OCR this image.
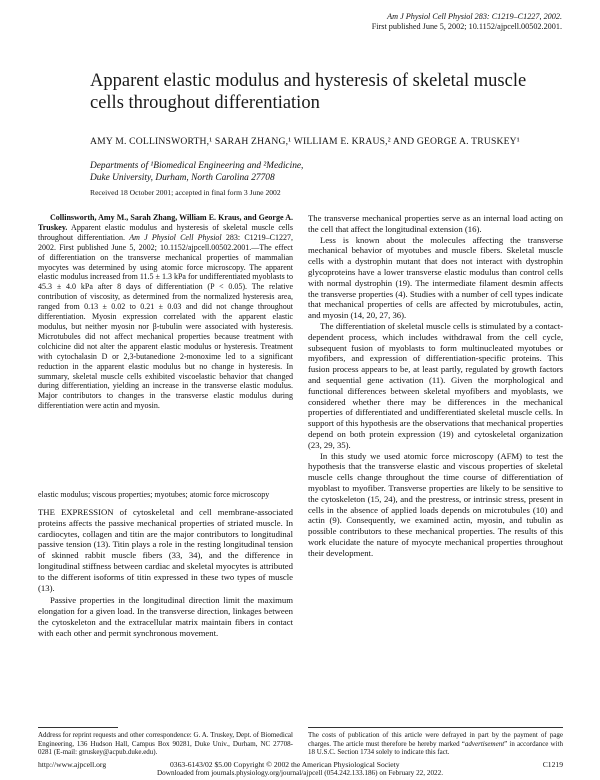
Am J Physiol Cell Physiol 283: C1219–C1227, 2002.
First published June 5, 2002; 10.1152/ajpcell.00502.2001.
Apparent elastic modulus and hysteresis of skeletal muscle cells throughout differentiation
AMY M. COLLINSWORTH,¹ SARAH ZHANG,¹ WILLIAM E. KRAUS,² AND GEORGE A. TRUSKEY¹
Departments of ¹Biomedical Engineering and ²Medicine,
Duke University, Durham, North Carolina 27708
Received 18 October 2001; accepted in final form 3 June 2002

Collinsworth, Amy M., Sarah Zhang, William E. Kraus, and George A. Truskey. Apparent elastic modulus and hysteresis of skeletal muscle cells throughout differentiation. Am J Physiol Cell Physiol 283: C1219–C1227, 2002. First published June 5, 2002; 10.1152/ajpcell.00502.2001.—The effect of differentiation on the transverse mechanical properties of mammalian myocytes was determined by using atomic force microscopy. The apparent elastic modulus increased from 11.5 ± 1.3 kPa for undifferentiated myoblasts to 45.3 ± 4.0 kPa after 8 days of differentiation (P < 0.05). The relative contribution of viscosity, as determined from the normalized hysteresis area, ranged from 0.13 ± 0.02 to 0.21 ± 0.03 and did not change throughout differentiation. Myosin expression correlated with the apparent elastic modulus, but neither myosin nor β-tubulin were associated with hysteresis. Microtubules did not affect mechanical properties because treatment with colchicine did not alter the apparent elastic modulus or hysteresis. Treatment with cytochalasin D or 2,3-butanedione 2-monoxime led to a significant reduction in the apparent elastic modulus but no change in hysteresis. In summary, skeletal muscle cells exhibited viscoelastic behavior that changed during differentiation, yielding an increase in the transverse elastic modulus. Major contributors to changes in the transverse elastic modulus during differentiation were actin and myosin.

elastic modulus; viscous properties; myotubes; atomic force microscopy

THE EXPRESSION of cytoskeletal and cell membrane-associated proteins affects the passive mechanical properties of striated muscle. In cardiocytes, collagen and titin are the major contributors to longitudinal passive tension (13). Titin plays a role in the resting longitudinal tension of skinned rabbit muscle fibers (33, 34), and the difference in longitudinal stiffness between cardiac and skeletal myocytes is attributed to the different isoforms of titin expressed in these two types of muscle (13).

Passive properties in the longitudinal direction limit the maximum elongation for a given load. In the transverse direction, linkages between the cytoskeleton and the extracellular matrix maintain fibers in contact with each other and permit synchronous movement.

The transverse mechanical properties serve as an internal load acting on the cell that affect the longitudinal extension (16).

Less is known about the molecules affecting the transverse mechanical behavior of myotubes and muscle fibers. Skeletal muscle cells with a dystrophin mutant that does not interact with dystrophin glycoproteins have a lower transverse elastic modulus than control cells with normal dystrophin (19). The intermediate filament desmin affects the transverse properties (4). Studies with a number of cell types indicate that mechanical properties of cells are affected by microtubules, actin, and myosin (14, 20, 27, 36).

The differentiation of skeletal muscle cells is stimulated by a contact-dependent process, which includes withdrawal from the cell cycle, subsequent fusion of myoblasts to form multinucleated myotubes or myofibers, and expression of differentiation-specific proteins. This fusion process appears to be, at least partly, regulated by growth factors and sequential gene activation (11). Given the morphological and functional differences between skeletal myofibers and myoblasts, we considered whether there may be differences in the mechanical properties of differentiated and undifferentiated skeletal muscle cells. In support of this hypothesis are the observations that mechanical properties depend on both protein expression (19) and cytoskeletal organization (23, 29, 35).

In this study we used atomic force microscopy (AFM) to test the hypothesis that the transverse elastic and viscous properties of skeletal muscle cells change throughout the time course of differentiation of myoblast to myofiber. Transverse properties are likely to be sensitive to the cytoskeleton (15, 24), and the prestress, or intrinsic stress, present in cells in the absence of applied loads depends on microtubules (10) and actin (9). Consequently, we examined actin, myosin, and tubulin as possible contributors to these mechanical properties. The results of this work elucidate the nature of myocyte mechanical properties throughout their development.

Address for reprint requests and other correspondence: G. A. Truskey, Dept. of Biomedical Engineering, 136 Hudson Hall, Campus Box 90281, Duke Univ., Durham, NC 27708-0281 (E-mail: gtruskey@acpub.duke.edu).
The costs of publication of this article were defrayed in part by the payment of page charges. The article must therefore be hereby marked “advertisement” in accordance with 18 U.S.C. Section 1734 solely to indicate this fact.
http://www.ajpcell.org	0363-6143/02 $5.00 Copyright © 2002 the American Physiological Society	C1219
Downloaded from journals.physiology.org/journal/ajpcell (054.242.133.186) on February 22, 2022.
